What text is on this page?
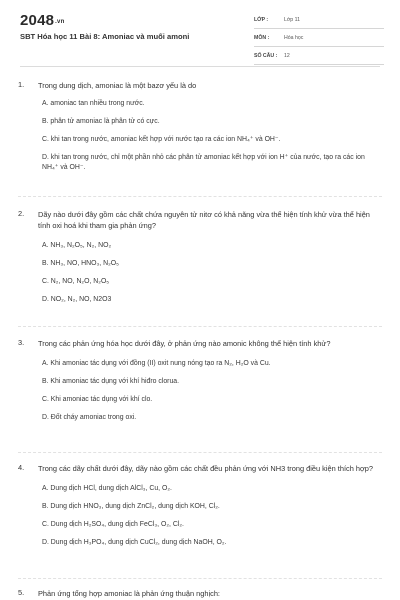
2048.vn
SBT Hóa học 11 Bài 8: Amoniac và muối amoni
LỚP :	Lớp 11
MÔN :	Hóa học
SỐ CÂU : 12
1. Trong dung dịch, amoniac là một bazơ yếu là do
A. amoniac tan nhiều trong nước.
B. phân tử amoniac là phân tử có cực.
C. khi tan trong nước, amoniac kết hợp với nước tạo ra các ion NH₄⁺ và OH⁻.
D. khi tan trong nước, chỉ một phần nhỏ các phân tử amoniac kết hợp với ion H⁺ của nước, tạo ra các ion NH₄⁺ và OH⁻.
2. Dãy nào dưới đây gồm các chất chứa nguyên tử nitơ có khả năng vừa thể hiện tính khử vừa thể hiện tính oxi hoá khi tham gia phản ứng?
A. NH₃, N₂O₅, N₂, NO₂
B. NH₃, NO, HNO₃, N₂O₅
C. N₂, NO, N₂O, N₂O₅
D. NO₂, N₂, NO, N2O3
3. Trong các phản ứng hóa học dưới đây, ở phản ứng nào amonic không thể hiện tính khử?
A. Khi amoniac tác dụng với đồng (II) oxit nung nóng tạo ra N₂, H₂O và Cu.
B. Khi amoniac tác dụng với khí hiđro clorua.
C. Khi amoniac tác dụng với khí clo.
D. Đốt cháy amoniac trong oxi.
4. Trong các dãy chất dưới đây, dãy nào gồm các chất đều phản ứng với NH3 trong điều kiện thích hợp?
A. Dung dịch HCl, dung dịch AlCl₃, Cu, O₂.
B. Dung dịch HNO₃, dung dịch ZnCl₂, dung dịch KOH, Cl₂.
C. Dung dịch H₂SO₄, dung dịch FeCl₃, O₂, Cl₂.
D. Dung dịch H₃PO₄, dung dịch CuCl₂, dung dịch NaOH, O₂.
5. Phản ứng tổng hợp amoniac là phản ứng thuận nghịch:
